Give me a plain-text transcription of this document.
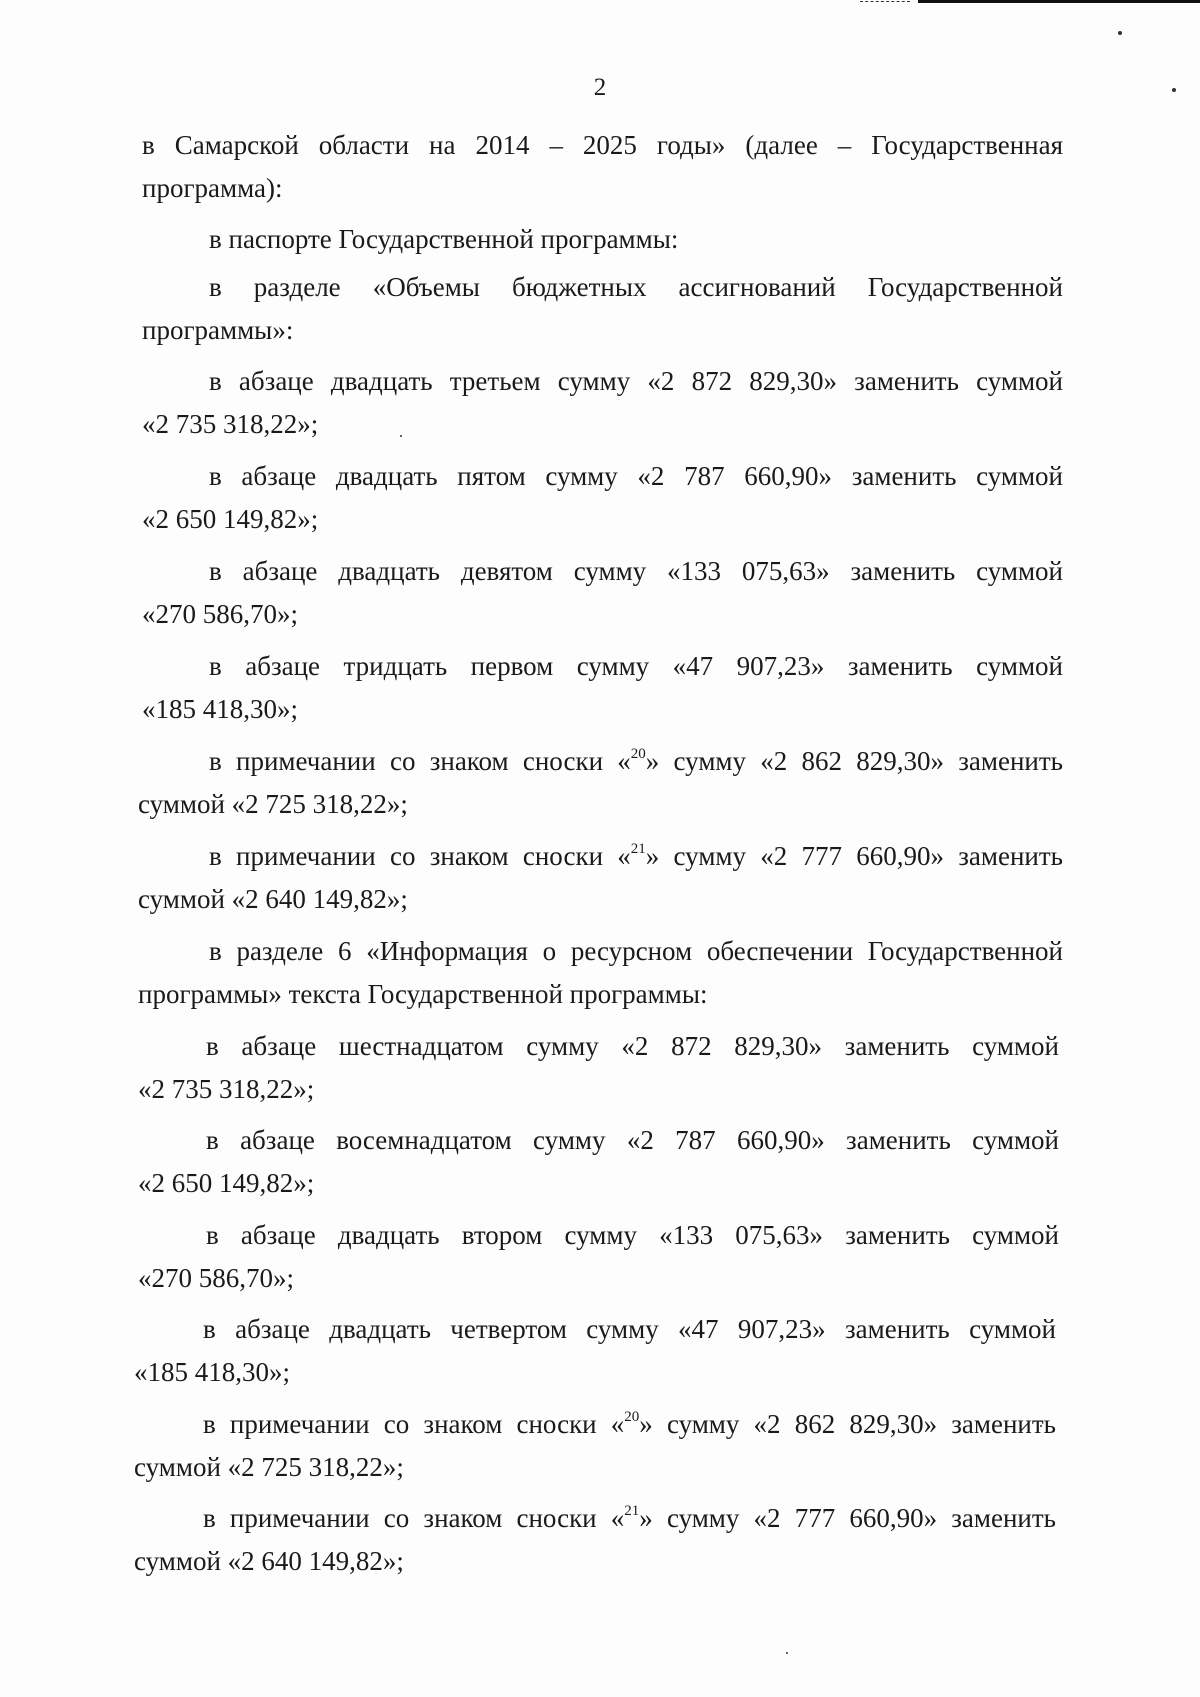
2
в Самарской области на 2014 – 2025 годы» (далее – Государственная
программа):
в паспорте Государственной программы:
в разделе «Объемы бюджетных ассигнований Государственной
программы»:
в абзаце двадцать третьем сумму «2 872 829,30» заменить суммой
«2 735 318,22»;
в абзаце двадцать пятом сумму «2 787 660,90» заменить суммой
«2 650 149,82»;
в абзаце двадцать девятом сумму «133 075,63» заменить суммой
«270 586,70»;
в абзаце тридцать первом сумму «47 907,23» заменить суммой
«185 418,30»;
в примечании со знаком сноски «$^{20}$» сумму «2 862 829,30» заменить
суммой «2 725 318,22»;
в примечании со знаком сноски «$^{21}$» сумму «2 777 660,90» заменить
суммой «2 640 149,82»;
в разделе 6 «Информация о ресурсном обеспечении Государственной
программы» текста Государственной программы:
в абзаце шестнадцатом сумму «2 872 829,30» заменить суммой
«2 735 318,22»;
в абзаце восемнадцатом сумму «2 787 660,90» заменить суммой
«2 650 149,82»;
в абзаце двадцать втором сумму «133 075,63» заменить суммой
«270 586,70»;
в абзаце двадцать четвертом сумму «47 907,23» заменить суммой
«185 418,30»;
в примечании со знаком сноски «$^{20}$» сумму «2 862 829,30» заменить
суммой «2 725 318,22»;
в примечании со знаком сноски «$^{21}$» сумму «2 777 660,90» заменить
суммой «2 640 149,82»;
